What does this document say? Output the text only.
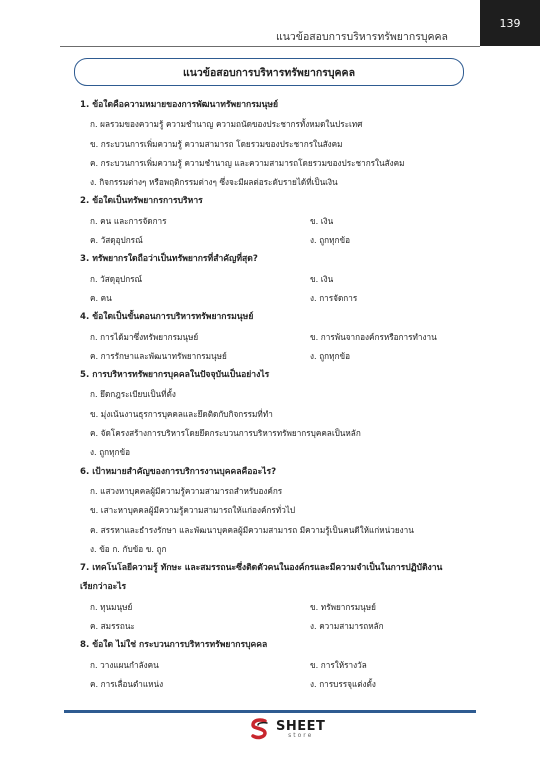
แนวข้อสอบการบริหารทรัพยากรบุคคล
139
แนวข้อสอบการบริหารทรัพยากรบุคคล
1. ข้อใดคือความหมายของการพัฒนาทรัพยากรมนุษย์
ก. ผลรวมของความรู้ ความชำนาญ ความถนัดของประชากรทั้งหมดในประเทศ
ข. กระบวนการเพิ่มความรู้ ความสามารถ โดยรวมของประชากรในสังคม
ค. กระบวนการเพิ่มความรู้ ความชำนาญ และความสามารถโดยรวมของประชากรในสังคม
ง. กิจกรรมต่างๆ หรือพฤติกรรมต่างๆ ซึ่งจะมีผลต่อระดับรายได้ที่เป็นเงิน
2. ข้อใดเป็นทรัพยากรการบริหาร
ก. คน และการจัดการ	ข. เงิน
ค. วัสดุอุปกรณ์	ง. ถูกทุกข้อ
3. ทรัพยากรใดถือว่าเป็นทรัพยากรที่สำคัญที่สุด?
ก. วัสดุอุปกรณ์	ข. เงิน
ค. คน	ง. การจัดการ
4. ข้อใดเป็นขั้นตอนการบริหารทรัพยากรมนุษย์
ก. การได้มาซึ่งทรัพยากรมนุษย์	ข. การพ้นจากองค์กรหรือการทำงาน
ค. การรักษาและพัฒนาทรัพยากรมนุษย์	ง. ถูกทุกข้อ
5. การบริหารทรัพยากรบุคคลในปัจจุบันเป็นอย่างไร
ก. ยึดกฎระเบียบเป็นที่ตั้ง
ข. มุ่งเน้นงานธุรการบุคคลและยึดติดกับกิจกรรมที่ทำ
ค. จัดโครงสร้างการบริหารโดยยึดกระบวนการบริหารทรัพยากรบุคคลเป็นหลัก
ง. ถูกทุกข้อ
6. เป้าหมายสำคัญของการบริการงานบุคคลคืออะไร?
ก. แสวงหาบุคคลผู้มีความรู้ความสามารถสำหรับองค์กร
ข. เสาะหาบุคคลผู้มีความรู้ความสามารถให้แก่องค์กรทั่วไป
ค. สรรหาและธำรงรักษา และพัฒนาบุคคลผู้มีความสามารถ มีความรู้เป็นคนดีให้แก่หน่วยงาน
ง. ข้อ ก. กับข้อ ข. ถูก
7. เทคโนโลยีความรู้ ทักษะ และสมรรถนะซึ่งติดตัวคนในองค์กรและมีความจำเป็นในการปฏิบัติงาน
เรียกว่าอะไร
ก. ทุนมนุษย์	ข. ทรัพยากรมนุษย์
ค. สมรรถนะ	ง. ความสามารถหลัก
8. ข้อใด ไม่ใช่ กระบวนการบริหารทรัพยากรบุคคล
ก. วางแผนกำลังคน	ข. การให้รางวัล
ค. การเลื่อนตำแหน่ง	ง. การบรรจุแต่งตั้ง
SHEET
store
